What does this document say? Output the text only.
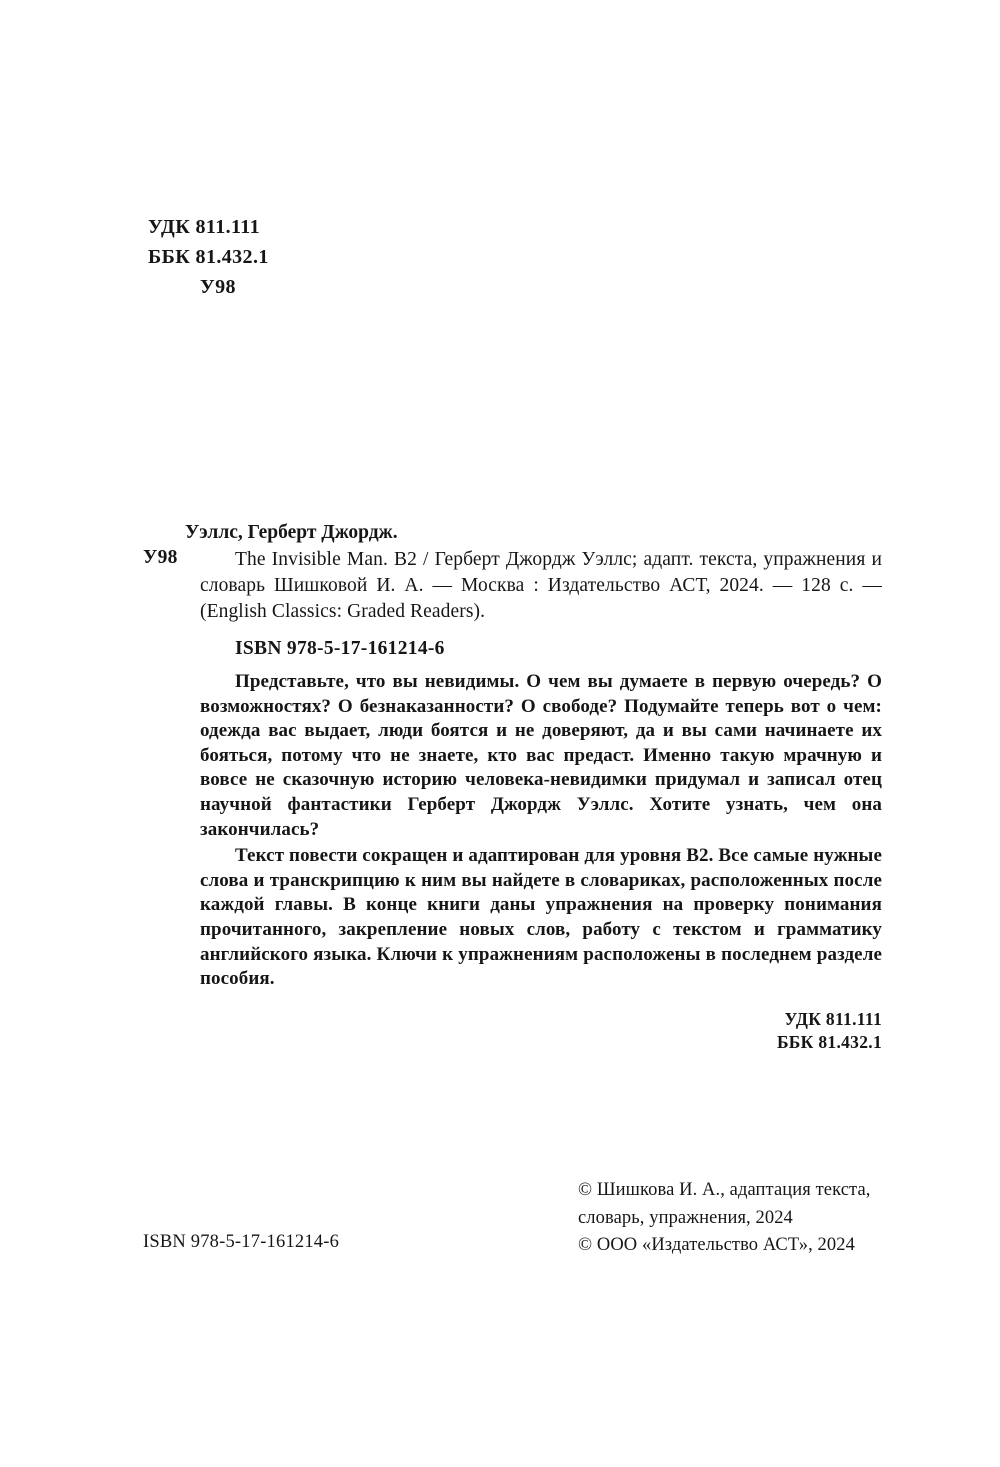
УДК 811.111
ББК 81.432.1
У98
Уэллс, Герберт Джордж.
У98	The Invisible Man. B2 / Герберт Джордж Уэллс; адапт. текста, упражнения и словарь Шишковой И. А. — Москва : Издательство АСТ, 2024. — 128 с. — (English Classics: Graded Readers).

ISBN 978-5-17-161214-6

Представьте, что вы невидимы. О чем вы думаете в первую очередь? О возможностях? О безнаказанности? О свободе? Подумайте теперь вот о чем: одежда вас выдает, люди боятся и не доверяют, да и вы сами начинаете их бояться, потому что не знаете, кто вас предаст. Именно такую мрачную и вовсе не сказочную историю человека-невидимки придумал и записал отец научной фантастики Герберт Джордж Уэллс. Хотите узнать, чем она закончилась?

Текст повести сокращен и адаптирован для уровня B2. Все самые нужные слова и транскрипцию к ним вы найдете в словариках, расположенных после каждой главы. В конце книги даны упражнения на проверку понимания прочитанного, закрепление новых слов, работу с текстом и грамматику английского языка. Ключи к упражнениям расположены в последнем разделе пособия.

УДК 811.111
ББК 81.432.1
ISBN 978-5-17-161214-6
© Шишкова И. А., адаптация текста,
словарь, упражнения, 2024
© ООО «Издательство АСТ», 2024
